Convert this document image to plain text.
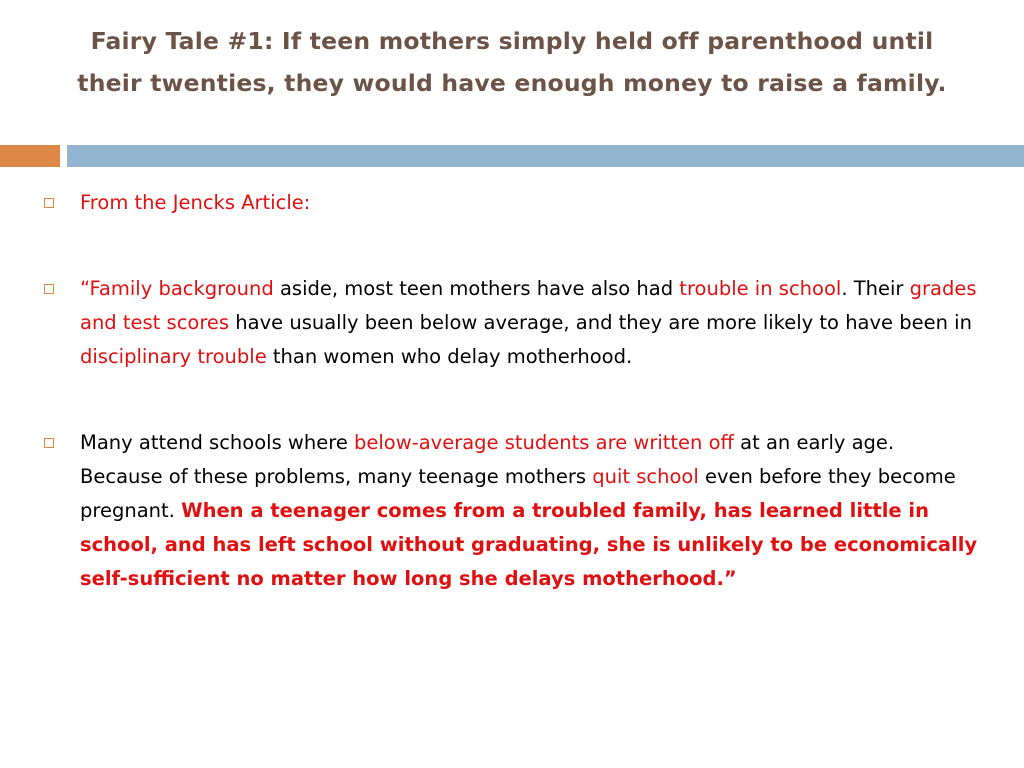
Fairy Tale #1: If teen mothers simply held off parenthood until
their twenties, they would have enough money to raise a family.
From the Jencks Article:
“Family background aside, most teen mothers have also had trouble in school. Their grades and test scores have usually been below average, and they are more likely to have been in disciplinary trouble than women who delay motherhood.
Many attend schools where below-average students are written off at an early age. Because of these problems, many teenage mothers quit school even before they become pregnant. When a teenager comes from a troubled family, has learned little in school, and has left school without graduating, she is unlikely to be economically self-sufficient no matter how long she delays motherhood.”
